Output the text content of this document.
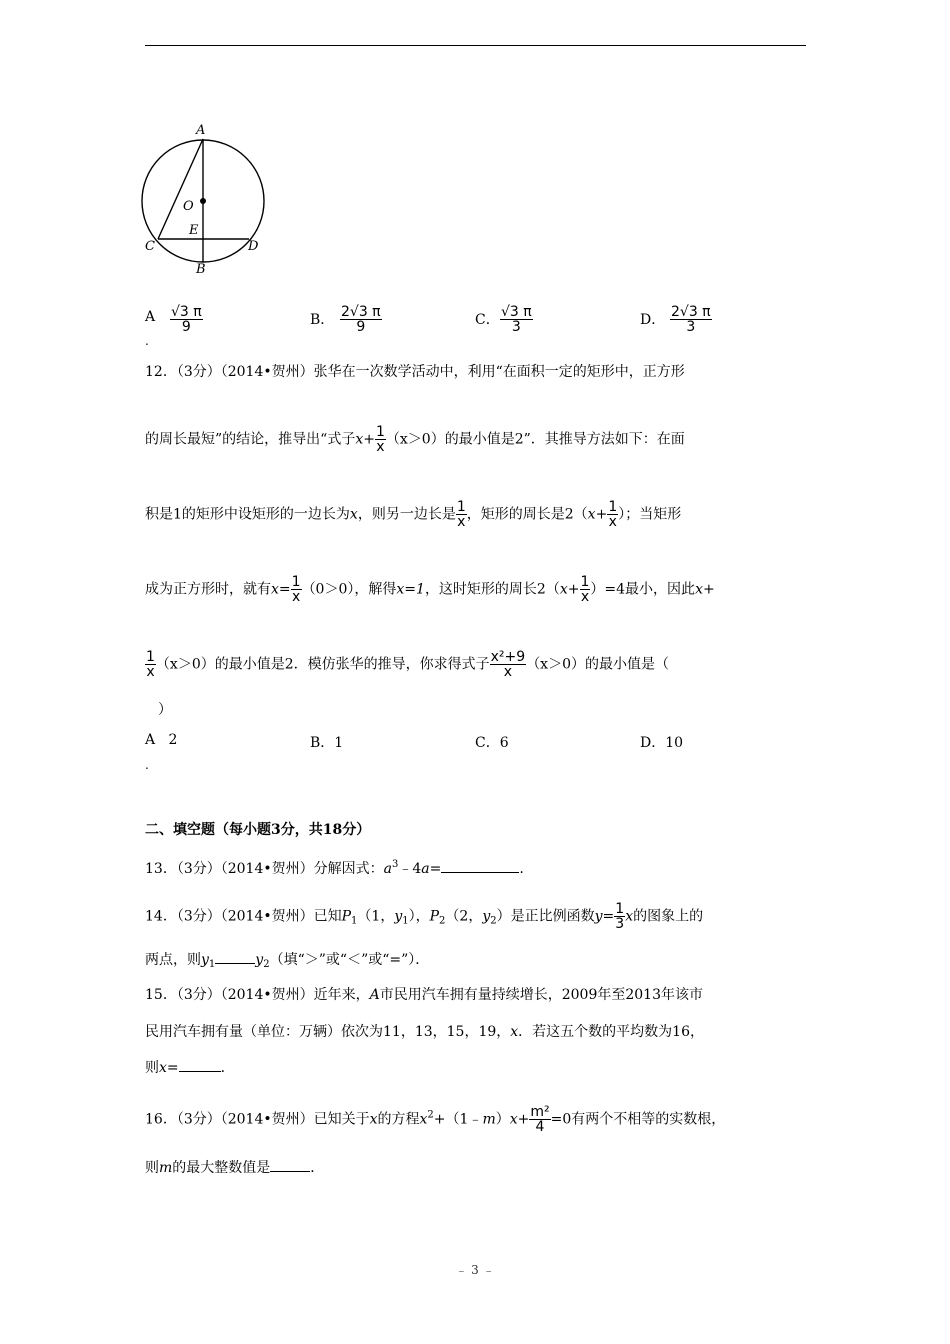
A
O
E
C	D
B
A
.
$\frac{√3 \pi}{9}$	B． $\frac{2√3 \pi}{9}$	C． $\frac{√3 \pi}{3}$	D． $\frac{2√3 \pi}{3}$
12．（3分）（2014•贺州）张华在一次数学活动中，利用“在面积一定的矩形中，正方形
的周长最短”的结论，推导出“式子$x+ \frac{1}{x} (x>0)$的最小值是2”．其推导方法如下：在面
积是1的矩形中设矩形的一边长为x，则另一边长是 $\frac{1}{x}$ ，矩形的周长是$2(x+ \frac{1}{x}$ ）；当矩形
成为正方形时，就有$x= \frac{1}{x} (0>0)$，解得x=1，这时矩形的周长$2(x+ \frac{1}{x} )=4$最小，因此x+
$\frac{1}{x} (x>0)$的最小值是2．模仿张华的推导，你求得式子 $\frac{\text{x²+9}}{x} (x>0)$的最小值是（
）
A 2
.
B．1	C．6	D．10
二、填空题（每小题3分，共18分）
13．（3分）（2014•贺州）分解因式：$a^3﹣4a=$	.
14．（3分）（2014•贺州）已知$P_1(1$，$y_1$），$P_2(2$，$y_2$）是正比例函数$y= \frac{1}{3}$ x的图象上的
两点，则$y_1$	$y_2$（填“＞”或“＜”或“=”）．
15．（3分）（2014•贺州）近年来，A市民用汽车拥有量持续增长，2009年至2013年该市
民用汽车拥有量（单位：万辆）依次为11，13，15，19，x．若这五个数的平均数为16，
则x=	．
16．（3分）（2014•贺州）已知关于x的方程$x^2+(1﹣m)x+ \frac{\text{m²}}{4} =0$有两个不相等的实数根，
则m的最大整数值是	．
﹣ 3 ﹣
